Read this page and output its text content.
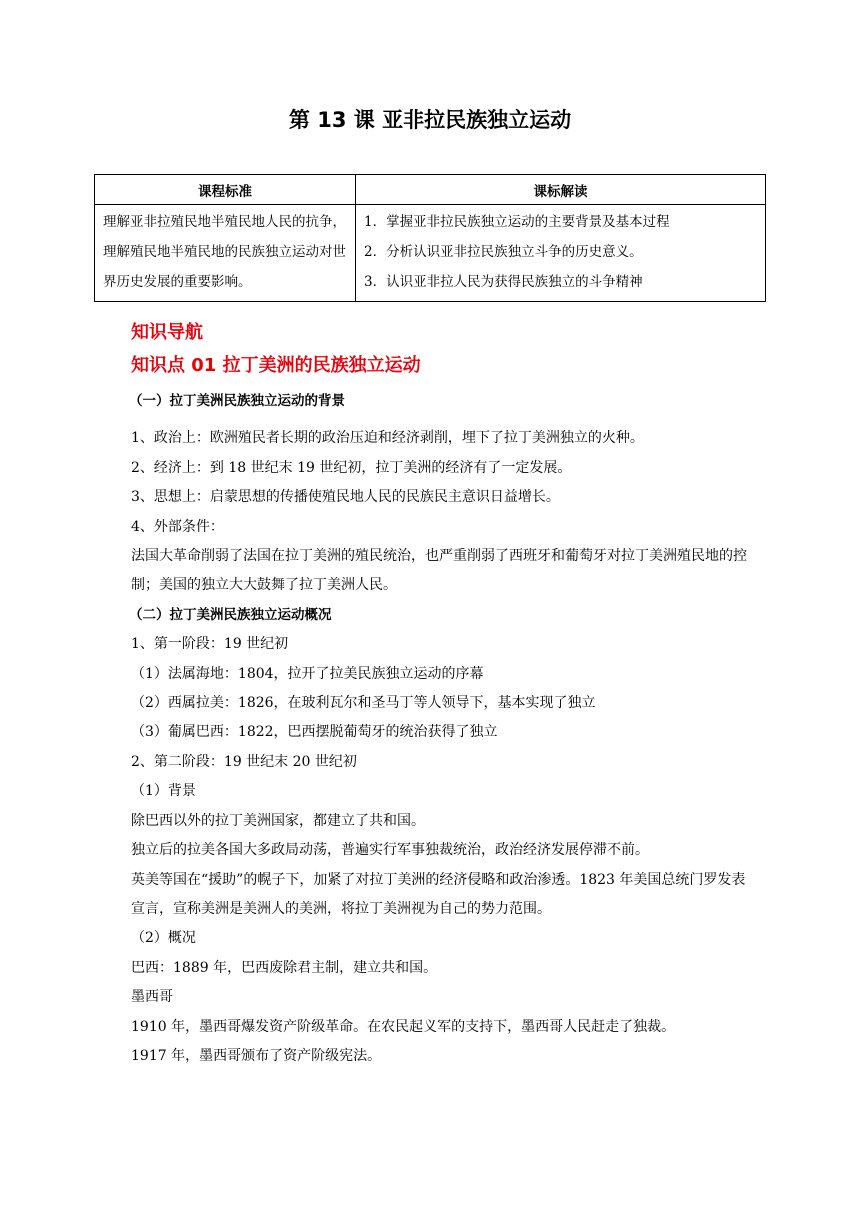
第 13 课 亚非拉民族独立运动
课程标准	课标解读
理解亚非拉殖民地半殖民地人民的抗争，理解殖民地半殖民地的民族独立运动对世界历史发展的重要影响。	1．掌握亚非拉民族独立运动的主要背景及基本过程
2．分析认识亚非拉民族独立斗争的历史意义。
3．认识亚非拉人民为获得民族独立的斗争精神
知识导航
知识点 01 拉丁美洲的民族独立运动
（一）拉丁美洲民族独立运动的背景
1、政治上：欧洲殖民者长期的政治压迫和经济剥削，埋下了拉丁美洲独立的火种。
2、经济上：到 18 世纪末 19 世纪初，拉丁美洲的经济有了一定发展。
3、思想上：启蒙思想的传播使殖民地人民的民族民主意识日益增长。
4、外部条件：
法国大革命削弱了法国在拉丁美洲的殖民统治，也严重削弱了西班牙和葡萄牙对拉丁美洲殖民地的控制；美国的独立大大鼓舞了拉丁美洲人民。
（二）拉丁美洲民族独立运动概况
1、第一阶段：19 世纪初
（1）法属海地：1804，拉开了拉美民族独立运动的序幕
（2）西属拉美：1826，在玻利瓦尔和圣马丁等人领导下，基本实现了独立
（3）葡属巴西：1822，巴西摆脱葡萄牙的统治获得了独立
2、第二阶段：19 世纪末 20 世纪初
（1）背景
除巴西以外的拉丁美洲国家，都建立了共和国。
独立后的拉美各国大多政局动荡，普遍实行军事独裁统治，政治经济发展停滞不前。
英美等国在“援助”的幌子下，加紧了对拉丁美洲的经济侵略和政治渗透。1823 年美国总统门罗发表宣言，宣称美洲是美洲人的美洲，将拉丁美洲视为自己的势力范围。
（2）概况
巴西：1889 年，巴西废除君主制，建立共和国。
墨西哥
1910 年，墨西哥爆发资产阶级革命。在农民起义军的支持下，墨西哥人民赶走了独裁。
1917 年，墨西哥颁布了资产阶级宪法。
